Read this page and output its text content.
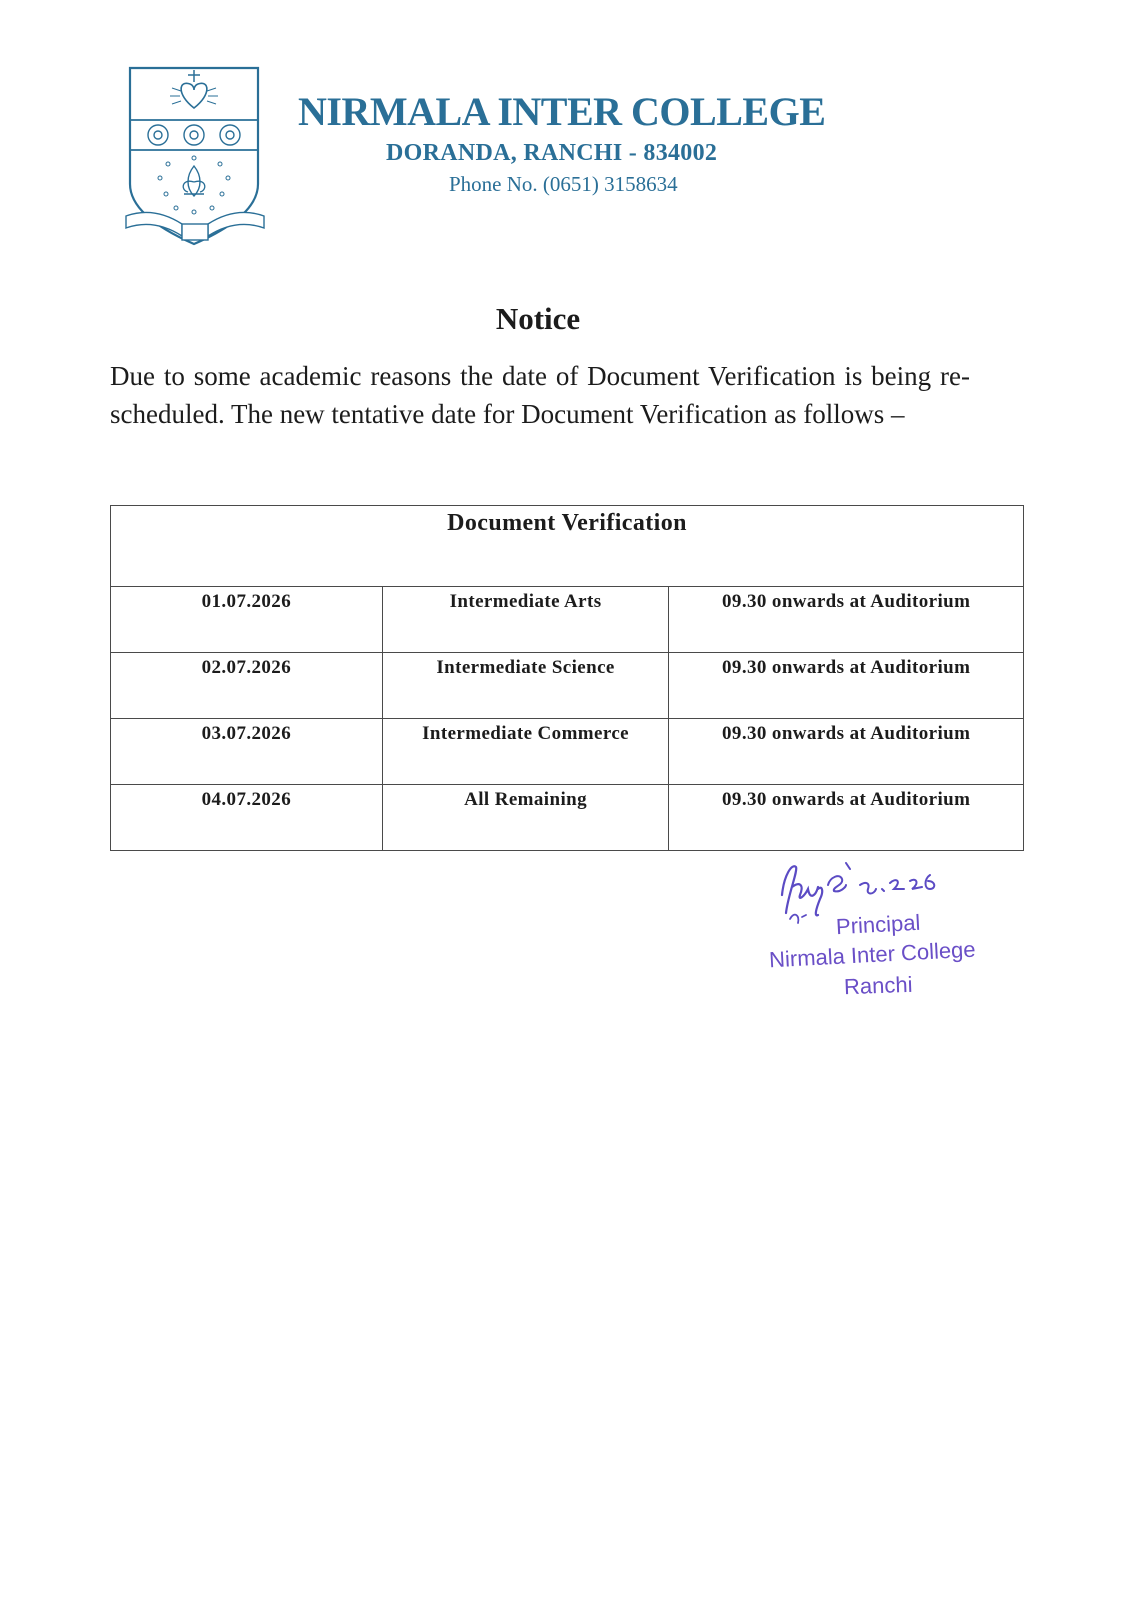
NIRMALA INTER COLLEGE
DORANDA, RANCHI - 834002
Phone No. (0651) 3158634
Notice

Due to some academic reasons the date of Document Verification is being re-scheduled. The new tentative date for Document Verification as follows –

Document Verification		
01.07.2026	Intermediate Arts	09.30 onwards at Auditorium
02.07.2026	Intermediate Science	09.30 onwards at Auditorium
03.07.2026	Intermediate Commerce	09.30 onwards at Auditorium
04.07.2026	All Remaining	09.30 onwards at Auditorium
Principal
Nirmala Inter College
Ranchi
